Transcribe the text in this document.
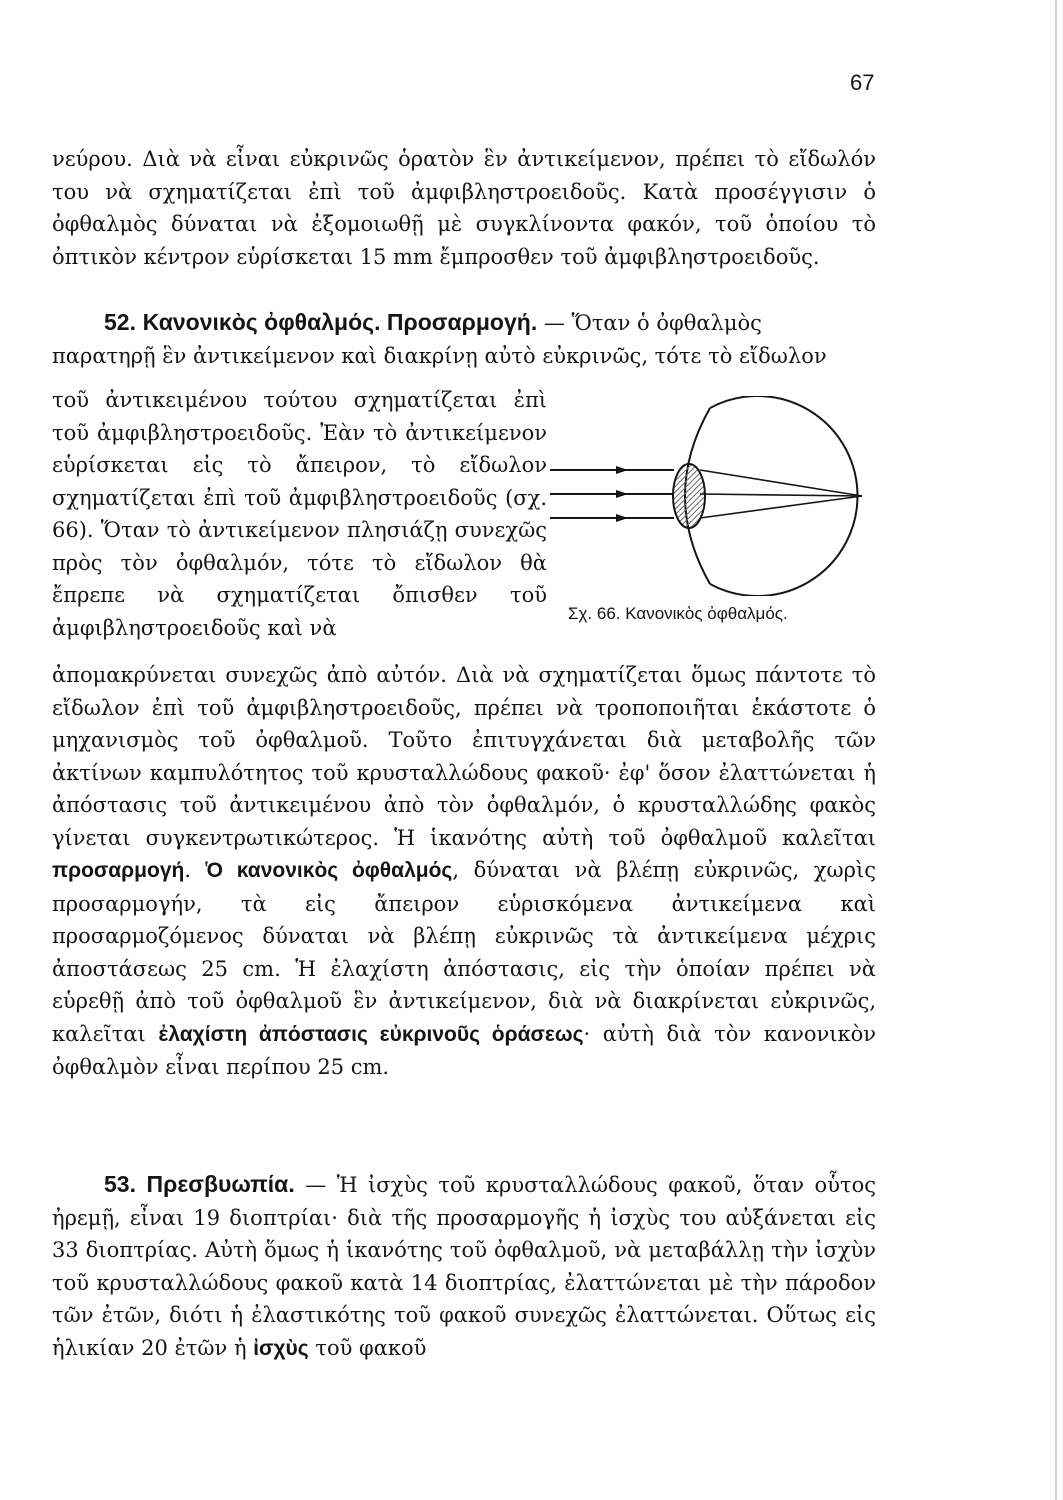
67

νεύρου. Διὰ νὰ εἶναι εὐκρινῶς ὁρατὸν ἓν ἀντικείμενον, πρέπει τὸ εἴδωλόν του νὰ σχηματίζεται ἐπὶ τοῦ ἀμφιβληστροειδοῦς. Κατὰ προσέγγισιν ὁ ὀφθαλμὸς δύναται νὰ ἐξομοιωθῇ μὲ συγκλίνοντα φακόν, τοῦ ὁποίου τὸ ὀπτικὸν κέντρον εὑρίσκεται 15 mm ἔμπροσθεν τοῦ ἀμφιβληστροειδοῦς.

52. Κανονικὸς ὀφθαλμός. Προσαρμογή. — Ὅταν ὁ ὀφθαλμὸς

παρατηρῇ ἓν ἀντικείμενον καὶ διακρίνῃ αὐτὸ εὐκρινῶς, τότε τὸ εἴδωλον

τοῦ ἀντικειμένου τούτου σχηματίζεται ἐπὶ τοῦ ἀμφιβληστροειδοῦς. Ἐὰν τὸ ἀντικείμενον εὑρίσκεται εἰς τὸ ἄπειρον, τὸ εἴδωλον σχηματίζεται ἐπὶ τοῦ ἀμφιβληστροειδοῦς (σχ. 66). Ὅταν τὸ ἀντικείμενον πλησιάζῃ συνεχῶς πρὸς τὸν ὀφθαλμόν, τότε τὸ εἴδωλον θὰ ἔπρεπε νὰ σχηματίζεται ὄπισθεν τοῦ ἀμφιβληστροειδοῦς καὶ νὰ

Σχ. 66. Κανονικὸς ὀφθαλμός.

ἀπομακρύνεται συνεχῶς ἀπὸ αὐτόν. Διὰ νὰ σχηματίζεται ὅμως πάντοτε τὸ εἴδωλον ἐπὶ τοῦ ἀμφιβληστροειδοῦς, πρέπει νὰ τροποποιῆται ἑκάστοτε ὁ μηχανισμὸς τοῦ ὀφθαλμοῦ. Τοῦτο ἐπιτυγχάνεται διὰ μεταβολῆς τῶν ἀκτίνων καμπυλότητος τοῦ κρυσταλλώδους φακοῦ· ἐφ' ὅσον ἐλαττώνεται ἡ ἀπόστασις τοῦ ἀντικειμένου ἀπὸ τὸν ὀφθαλμόν, ὁ κρυσταλλώδης φακὸς γίνεται συγκεντρωτικώτερος. Ἡ ἱκανότης αὐτὴ τοῦ ὀφθαλμοῦ καλεῖται προσαρμογή. Ὁ κανονικὸς ὀφθαλμός, δύναται νὰ βλέπῃ εὐκρινῶς, χωρὶς προσαρμογήν, τὰ εἰς ἄπειρον εὑρισκόμενα ἀντικείμενα καὶ προσαρμοζόμενος δύναται νὰ βλέπῃ εὐκρινῶς τὰ ἀντικείμενα μέχρις ἀποστάσεως 25 cm. Ἡ ἐλαχίστη ἀπόστασις, εἰς τὴν ὁποίαν πρέπει νὰ εὑρεθῇ ἀπὸ τοῦ ὀφθαλμοῦ ἓν ἀντικείμενον, διὰ νὰ διακρίνεται εὐκρινῶς, καλεῖται ἐλαχίστη ἀπόστασις εὐκρινοῦς ὁράσεως· αὐτὴ διὰ τὸν κανονικὸν ὀφθαλμὸν εἶναι περίπου 25 cm.

53. Πρεσβυωπία. — Ἡ ἰσχὺς τοῦ κρυσταλλώδους φακοῦ, ὅταν οὗτος ἠρεμῇ, εἶναι 19 διοπτρίαι· διὰ τῆς προσαρμογῆς ἡ ἰσχὺς του αὐξάνεται εἰς 33 διοπτρίας. Αὐτὴ ὅμως ἡ ἱκανότης τοῦ ὀφθαλμοῦ, νὰ μεταβάλλῃ τὴν ἰσχὺν τοῦ κρυσταλλώδους φακοῦ κατὰ 14 διοπτρίας, ἐλαττώνεται μὲ τὴν πάροδον τῶν ἐτῶν, διότι ἡ ἐλαστικότης τοῦ φακοῦ συνεχῶς ἐλαττώνεται. Οὕτως εἰς ἡλικίαν 20 ἐτῶν ἡ ἰσχὺς τοῦ φακοῦ
